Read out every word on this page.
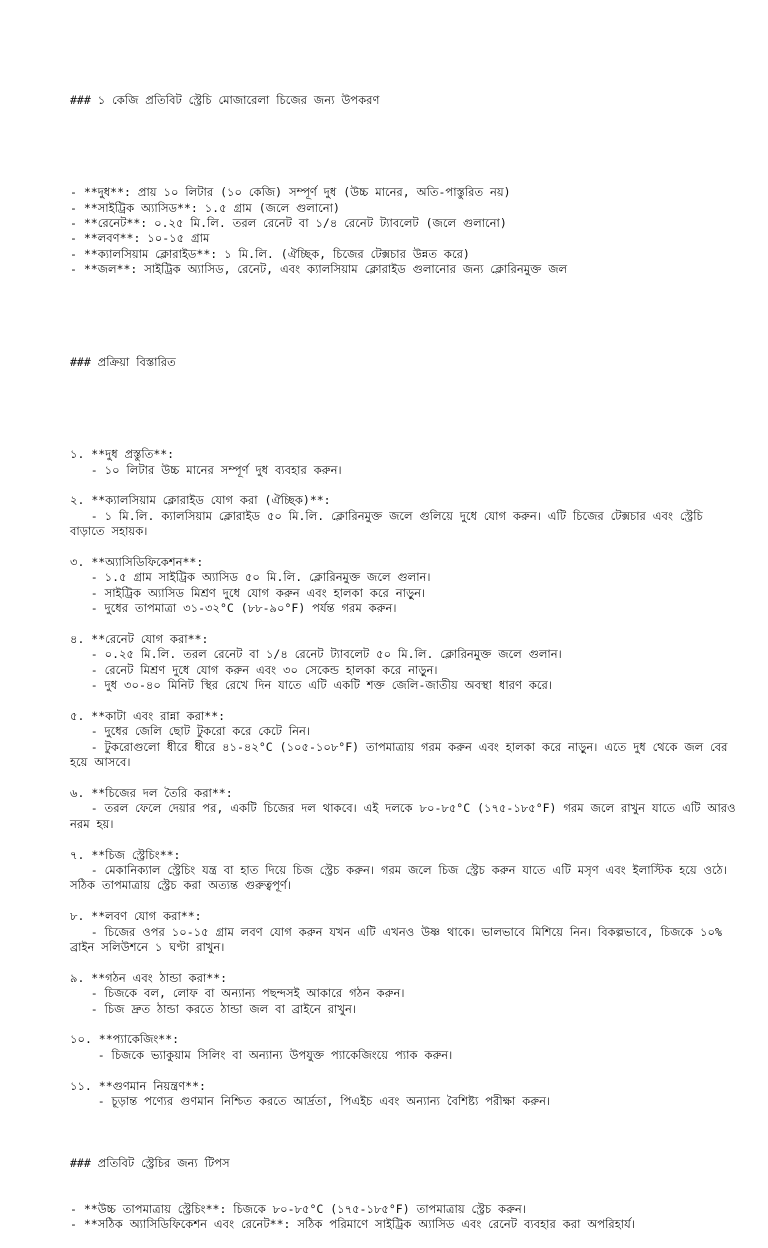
### ১ কেজি প্রতিবিট স্ট্রেচি মোজারেলা চিজের জন্য উপকরণ

- **দুধ**: প্রায় ১০ লিটার (১০ কেজি) সম্পূর্ণ দুধ (উচ্চ মানের, অতি-পাস্তুরিত নয়)
- **সাইট্রিক অ্যাসিড**: ১.৫ গ্রাম (জলে গুলানো)
- **রেনেট**: ০.২৫ মি.লি. তরল রেনেট বা ১/৪ রেনেট ট্যাবলেট (জলে গুলানো)
- **লবণ**: ১০-১৫ গ্রাম
- **ক্যালসিয়াম ক্লোরাইড**: ১ মি.লি. (ঐচ্ছিক, চিজের টেক্সচার উন্নত করে)
- **জল**: সাইট্রিক অ্যাসিড, রেনেট, এবং ক্যালসিয়াম ক্লোরাইড গুলানোর জন্য ক্লোরিনমুক্ত জল

### প্রক্রিয়া বিস্তারিত

১. **দুধ প্রস্তুতি**:
- ১০ লিটার উচ্চ মানের সম্পূর্ণ দুধ ব্যবহার করুন।
২. **ক্যালসিয়াম ক্লোরাইড যোগ করা (ঐচ্ছিক)**:
- ১ মি.লি. ক্যালসিয়াম ক্লোরাইড ৫০ মি.লি. ক্লোরিনমুক্ত জলে গুলিয়ে দুধে যোগ করুন। এটি চিজের টেক্সচার এবং স্ট্রেচি বাড়াতে সহায়ক।
৩. **অ্যাসিডিফিকেশন**:
- ১.৫ গ্রাম সাইট্রিক অ্যাসিড ৫০ মি.লি. ক্লোরিনমুক্ত জলে গুলান।
- সাইট্রিক অ্যাসিড মিশ্রণ দুধে যোগ করুন এবং হালকা করে নাড়ুন।
- দুধের তাপমাত্রা ৩১-৩২°C (৮৮-৯০°F) পর্যন্ত গরম করুন।
৪. **রেনেট যোগ করা**:
- ০.২৫ মি.লি. তরল রেনেট বা ১/৪ রেনেট ট্যাবলেট ৫০ মি.লি. ক্লোরিনমুক্ত জলে গুলান।
- রেনেট মিশ্রণ দুধে যোগ করুন এবং ৩০ সেকেন্ড হালকা করে নাড়ুন।
- দুধ ৩০-৪০ মিনিট স্থির রেখে দিন যাতে এটি একটি শক্ত জেলি-জাতীয় অবস্থা ধারণ করে।
৫. **কাটা এবং রান্না করা**:
- দুধের জেলি ছোট টুকরো করে কেটে নিন।
- টুকরোগুলো ধীরে ধীরে ৪১-৪২°C (১০৫-১০৮°F) তাপমাত্রায় গরম করুন এবং হালকা করে নাড়ুন। এতে দুধ থেকে জল বের হয়ে আসবে।
৬. **চিজের দল তৈরি করা**:
- তরল ফেলে দেয়ার পর, একটি চিজের দল থাকবে। এই দলকে ৮০-৮৫°C (১৭৫-১৮৫°F) গরম জলে রাখুন যাতে এটি আরও নরম হয়।
৭. **চিজ স্ট্রেচিং**:
- মেকানিক্যাল স্ট্রেচিং যন্ত্র বা হাত দিয়ে চিজ স্ট্রেচ করুন। গরম জলে চিজ স্ট্রেচ করুন যাতে এটি মসৃণ এবং ইলাস্টিক হয়ে ওঠে। সঠিক তাপমাত্রায় স্ট্রেচ করা অত্যন্ত গুরুত্বপূর্ণ।
৮. **লবণ যোগ করা**:
- চিজের ওপর ১০-১৫ গ্রাম লবণ যোগ করুন যখন এটি এখনও উষ্ণ থাকে। ভালভাবে মিশিয়ে নিন। বিকল্পভাবে, চিজকে ১০% ব্রাইন সলিউশনে ১ ঘণ্টা রাখুন।
৯. **গঠন এবং ঠান্ডা করা**:
- চিজকে বল, লোফ বা অন্যান্য পছন্দসই আকারে গঠন করুন।
- চিজ দ্রুত ঠান্ডা করতে ঠান্ডা জল বা ব্রাইনে রাখুন।
১০. **প্যাকেজিং**:
- চিজকে ভ্যাকুয়াম সিলিং বা অন্যান্য উপযুক্ত প্যাকেজিংয়ে প্যাক করুন।
১১. **গুণমান নিয়ন্ত্রণ**:
- চূড়ান্ত পণ্যের গুণমান নিশ্চিত করতে আর্দ্রতা, পিএইচ এবং অন্যান্য বৈশিষ্ট্য পরীক্ষা করুন।

### প্রতিবিট স্ট্রেচির জন্য টিপস

- **উচ্চ তাপমাত্রায় স্ট্রেচিং**: চিজকে ৮০-৮৫°C (১৭৫-১৮৫°F) তাপমাত্রায় স্ট্রেচ করুন।
- **সঠিক অ্যাসিডিফিকেশন এবং রেনেট**: সঠিক পরিমাণে সাইট্রিক অ্যাসিড এবং রেনেট ব্যবহার করা অপরিহার্য।
